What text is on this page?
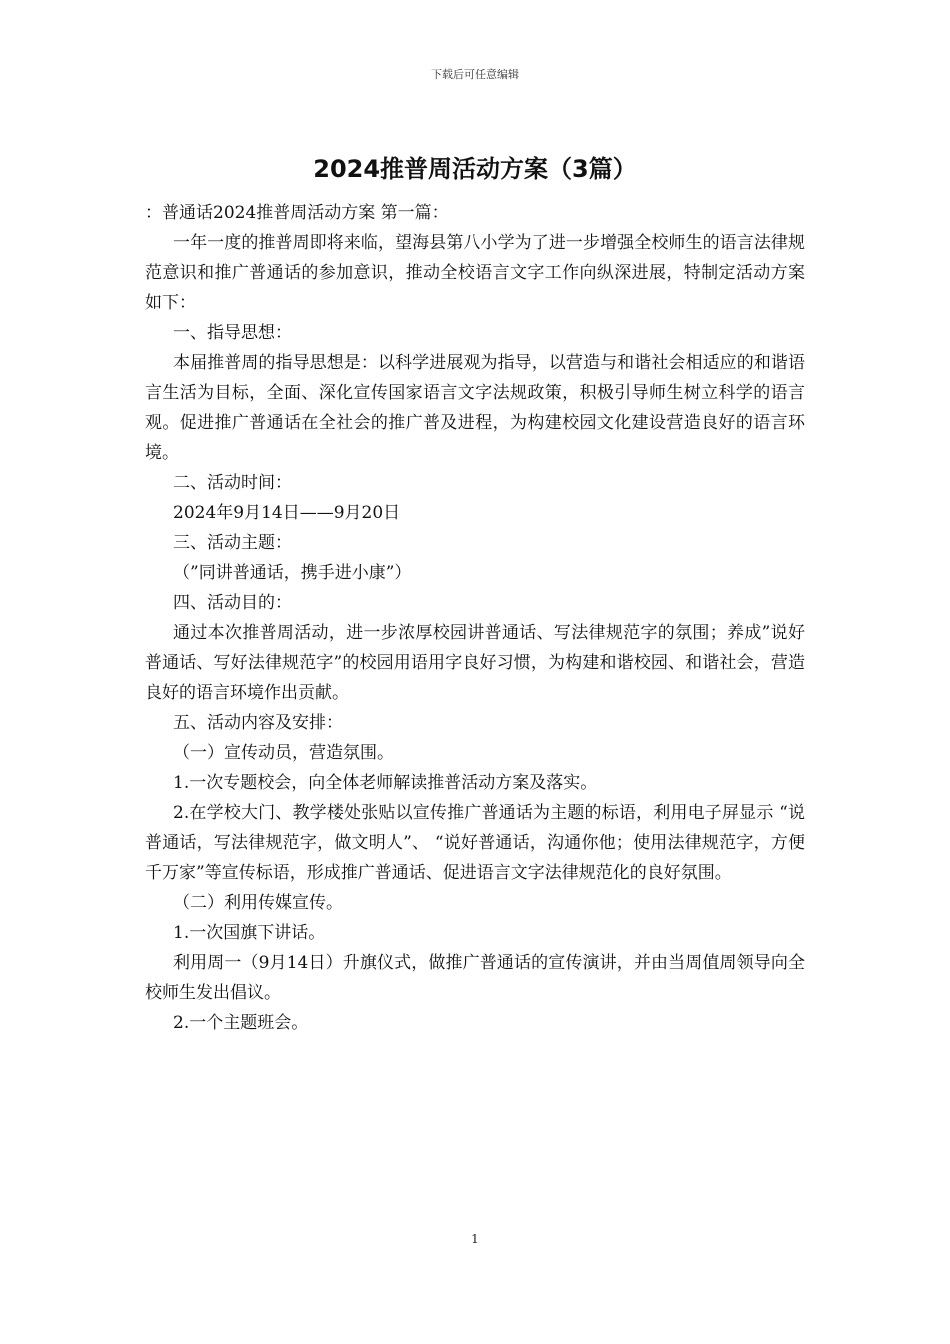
下载后可任意编辑
2024推普周活动方案（3篇）

：普通话2024推普周活动方案 第一篇：

一年一度的推普周即将来临，望海县第八小学为了进一步增强全校师生的语言法律规范意识和推广普通话的参加意识，推动全校语言文字工作向纵深进展，特制定活动方案如下：

一、指导思想：

本届推普周的指导思想是：以科学进展观为指导，以营造与和谐社会相适应的和谐语言生活为目标，全面、深化宣传国家语言文字法规政策，积极引导师生树立科学的语言观。促进推广普通话在全社会的推广普及进程，为构建校园文化建设营造良好的语言环境。

二、活动时间：

2024年9月14日——9月20日

三、活动主题：

（”同讲普通话，携手进小康”）

四、活动目的：

通过本次推普周活动，进一步浓厚校园讲普通话、写法律规范字的氛围；养成”说好普通话、写好法律规范字”的校园用语用字良好习惯，为构建和谐校园、和谐社会，营造良好的语言环境作出贡献。

五、活动内容及安排：

（一）宣传动员，营造氛围。

1.一次专题校会，向全体老师解读推普活动方案及落实。

2.在学校大门、教学楼处张贴以宣传推广普通话为主题的标语，利用电子屏显示 “说普通话，写法律规范字，做文明人”、 “说好普通话，沟通你他；使用法律规范字，方便千万家”等宣传标语，形成推广普通话、促进语言文字法律规范化的良好氛围。

（二）利用传媒宣传。

1.一次国旗下讲话。

利用周一（9月14日）升旗仪式，做推广普通话的宣传演讲，并由当周值周领导向全校师生发出倡议。

2.一个主题班会。

1
